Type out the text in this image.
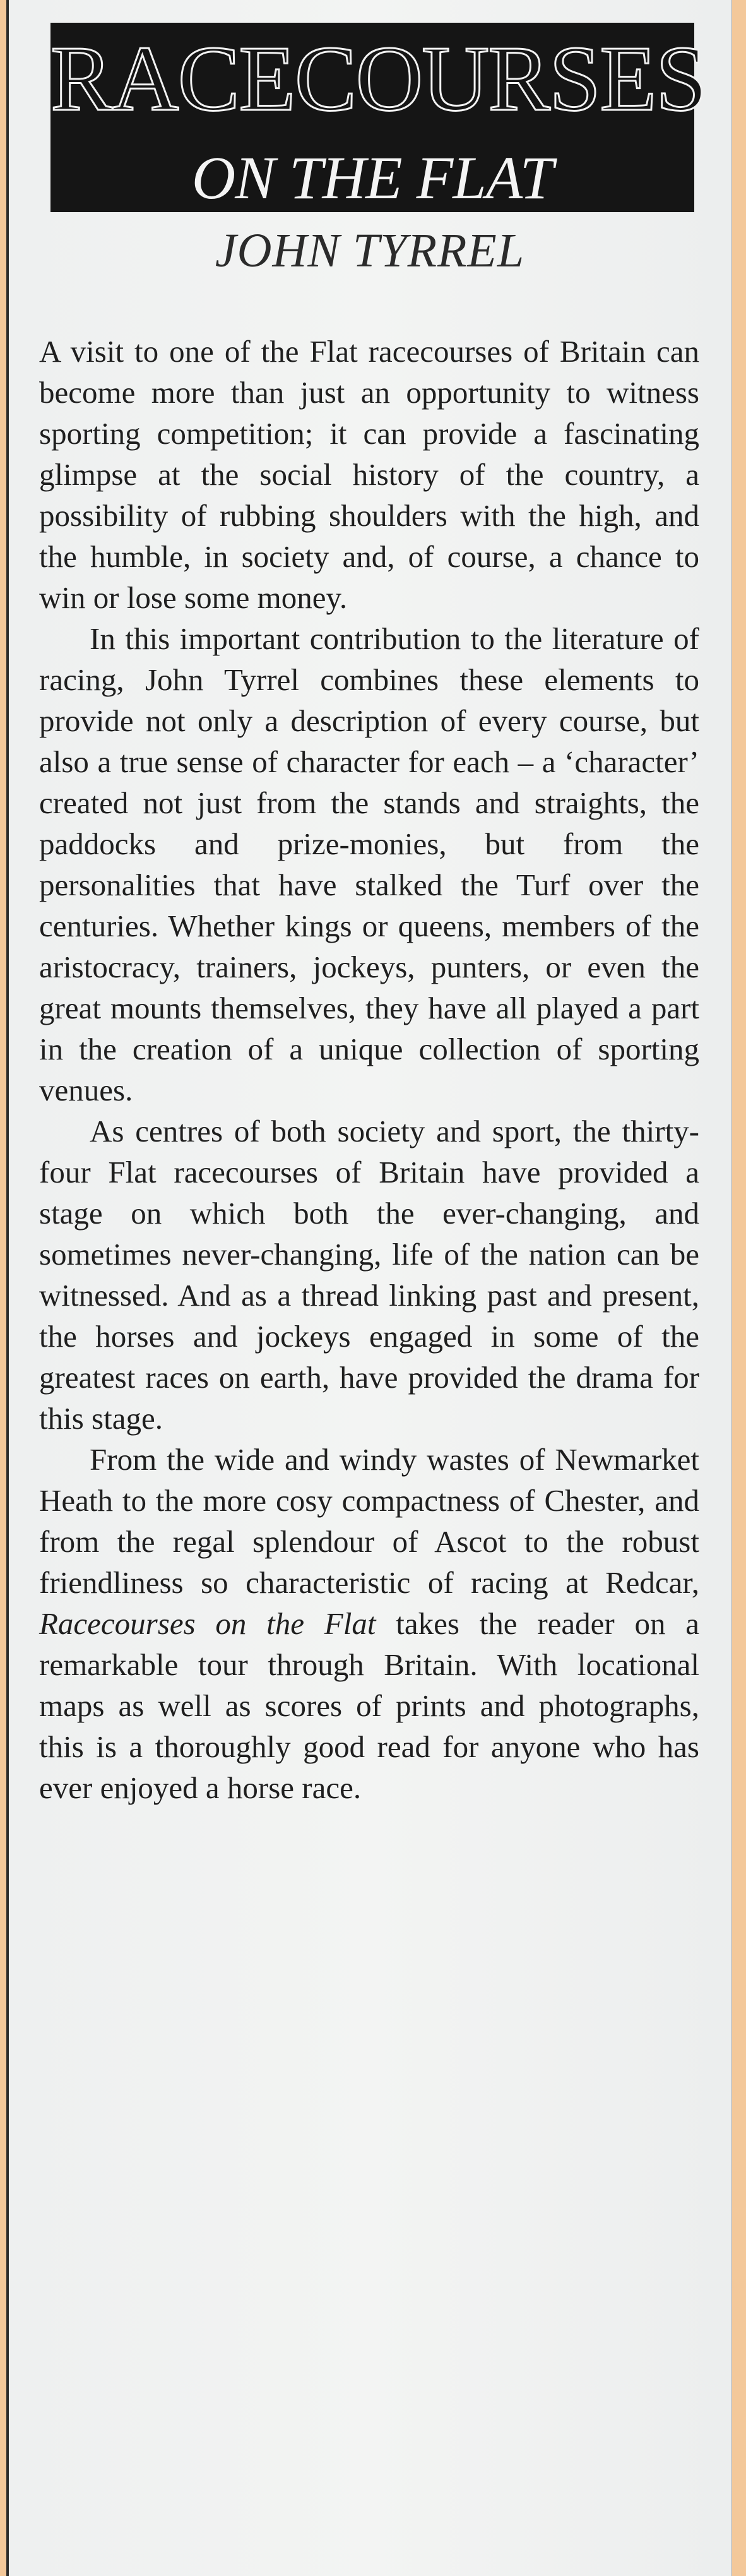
RACECOURSES
ON THE FLAT
JOHN TYRREL

A visit to one of the Flat racecourses of Britain can become more than just an opportunity to witness sporting competition; it can provide a fascinating glimpse at the social history of the country, a possibility of rubbing shoulders with the high, and the humble, in society and, of course, a chance to win or lose some money.

In this important contribution to the literature of racing, John Tyrrel combines these elements to provide not only a description of every course, but also a true sense of character for each – a ‘character’ created not just from the stands and straights, the paddocks and prize-monies, but from the personalities that have stalked the Turf over the centuries. Whether kings or queens, members of the aristocracy, trainers, jockeys, punters, or even the great mounts themselves, they have all played a part in the creation of a unique collection of sporting venues.

As centres of both society and sport, the thirty-four Flat racecourses of Britain have provided a stage on which both the ever-changing, and sometimes never-changing, life of the nation can be witnessed. And as a thread linking past and present, the horses and jockeys engaged in some of the greatest races on earth, have provided the drama for this stage.

From the wide and windy wastes of Newmarket Heath to the more cosy compactness of Chester, and from the regal splendour of Ascot to the robust friendliness so characteristic of racing at Redcar, Racecourses on the Flat takes the reader on a remarkable tour through Britain. With locational maps as well as scores of prints and photographs, this is a thoroughly good read for anyone who has ever enjoyed a horse race.
